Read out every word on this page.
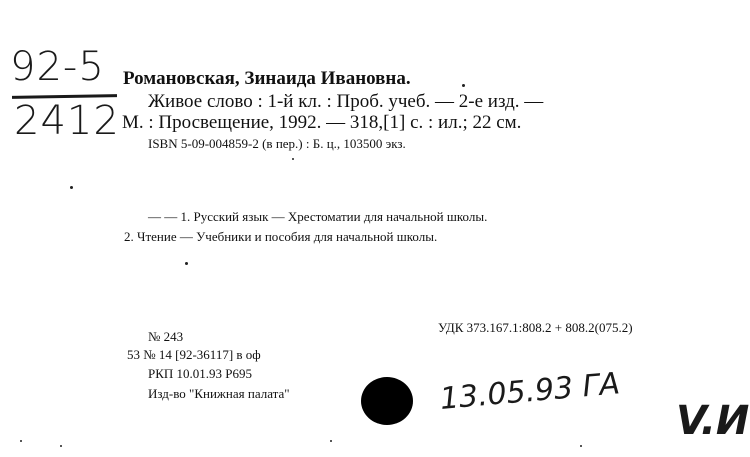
92-5
2412
Романовская, Зинаида Ивановна.
Живое слово : 1-й кл. : Проб. учеб. — 2-е изд. —
М. : Просвещение, 1992. — 318,[1] с. : ил.; 22 см.
ISBN 5-09-004859-2 (в пер.) : Б. ц., 103500 экз.
— — 1. Русский язык — Хрестоматии для начальной школы.
2. Чтение — Учебники и пособия для начальной школы.
№ 243
УДК 373.167.1:808.2 + 808.2(075.2)
53 № 14 [92-36117] в оф
РКП 10.01.93 Р695
Изд-во "Книжная палата"	13.05.93 ГА
V.И
